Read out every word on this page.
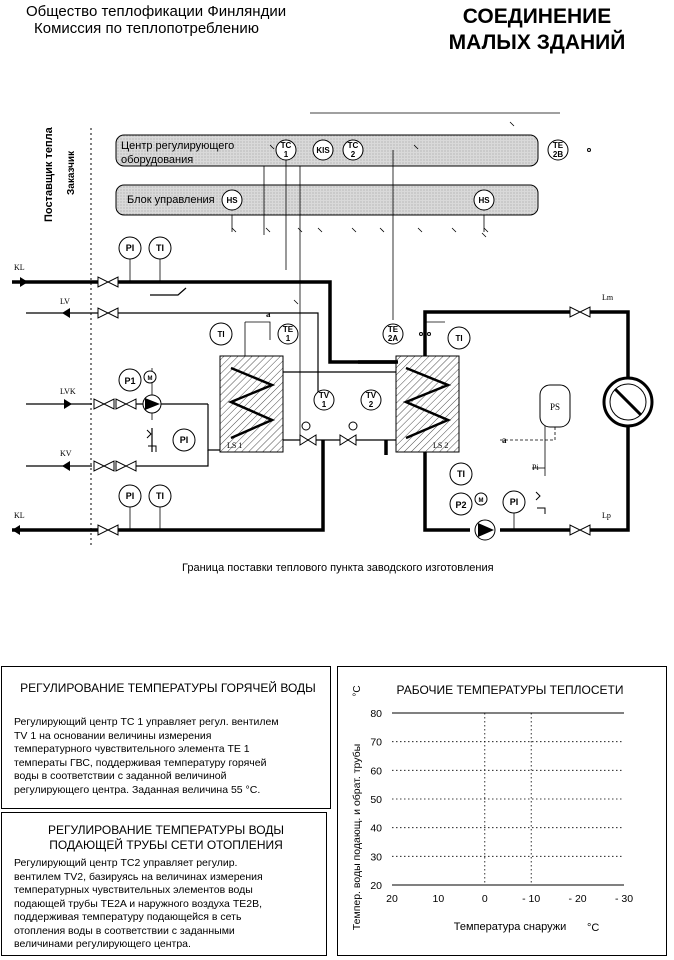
Общество теплофикации Финляндии
Комиссия по теплопотреблению
СОЕДИНЕНИЕ
МАЛЫХ ЗДАНИЙ
Поставщик тепла Заказчик
Центр регулирующего
оборудования
Блок управления
TC
1	KIS
TC
2
TE
2B
HS	HS
PI TI
KL
LV
LS 1	LS 2
TV
1
TV
2
TI
TE
1
TE
2A	TI
a
LVK
P1 M
PI
KV
KL
PI TI
Lm
Lp
PS
a
Pi
TI
P2 M	PI
Граница поставки теплового пункта заводского изготовления
РЕГУЛИРОВАНИЕ ТЕМПЕРАТУРЫ ГОРЯЧЕЙ ВОДЫ
Регулирующий центр TC 1 управляет регул. вентилем
TV 1 на основании величины измерения
температурного чувствительного элемента TE 1
температы ГВС, поддерживая температуру горячей
воды в соответствии с заданной величиной
регулирующего центра. Заданная величина 55 °С.
РЕГУЛИРОВАНИЕ ТЕМПЕРАТУРЫ ВОДЫ
ПОДАЮЩЕЙ ТРУБЫ СЕТИ ОТОПЛЕНИЯ
Регулирующий центр TC2 управляет регулир.
вентилем TV2, базируясь на величинах измерения
температурных чувствительных элементов воды
подающей трубы TE2A и наружного воздуха TE2B,
поддерживая температуру подающейся в сеть
отопления воды в соответствии с заданными
величинами регулирующего центра.
РАБОЧИЕ ТЕМПЕРАТУРЫ ТЕПЛОСЕТИ
Темпер. воды подающ. и обрат. трубы
°С
Температура снаружи °С
80
70
60
50
40
30
20
20	10	0	- 10	- 20	- 30
